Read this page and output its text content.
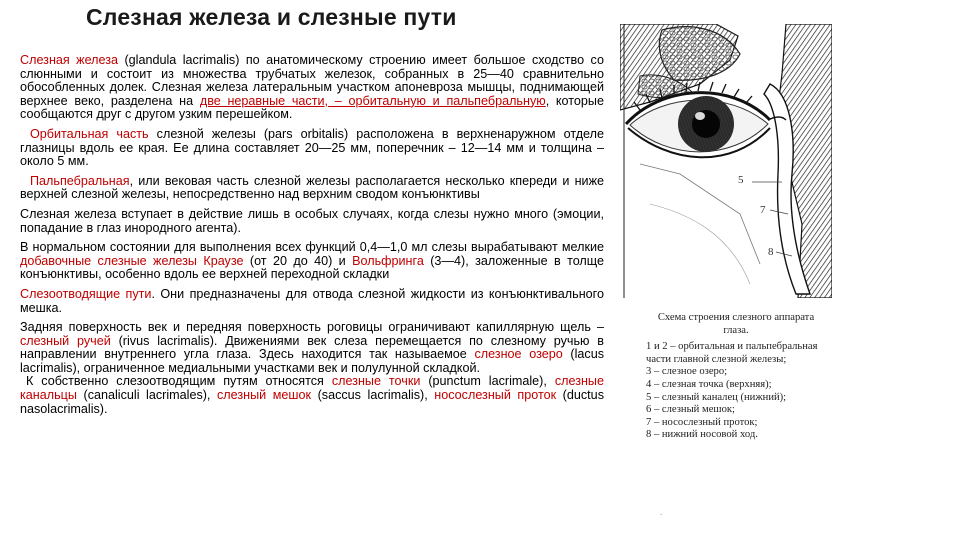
Слезная железа и слезные пути

Слезная железа (glandula lacrimalis) по анатомическому строению имеет большое сходство со слюнными и состоит из множества трубчатых железок, собранных в 25—40 сравнительно обособленных долек. Слезная железа латеральным участком апоневроза мышцы, поднимающей верхнее веко, разделена на две неравные части, – орбитальную и пальпебральную, которые сообщаются друг с другом узким перешейком.

Орбитальная часть слезной железы (pars orbitalis) расположена в верхненаружном отделе глазницы вдоль ее края. Ее длина составляет 20—25 мм, поперечник – 12—14 мм и толщина – около 5 мм.

Пальпебральная, или вековая часть слезной железы располагается несколько кпереди и ниже верхней слезной железы, непосредственно над верхним сводом конъюнктивы

Слезная железа вступает в действие лишь в особых случаях, когда слезы нужно много (эмоции, попадание в глаз инородного агента).

В нормальном состоянии для выполнения всех функций 0,4—1,0 мл слезы вырабатывают мелкие добавочные слезные железы Краузе (от 20 до 40) и Вольфринга (3—4), заложенные в толще конъюнктивы, особенно вдоль ее верхней переходной складки

Слезоотводящие пути. Они предназначены для отвода слезной жидкости из конъюнктивального мешка.

Задняя поверхность век и передняя поверхность роговицы ограничивают капиллярную щель – слезный ручей (rivus lacrimalis). Движениями век слеза перемещается по слезному ручью в направлении внутреннего угла глаза. Здесь находится так называемое слезное озеро (lacus lacrimalis), ограниченное медиальными участками век и полулунной складкой.

К собственно слезоотводящим путям относятся слезные точки (punctum lacrimale), слезные канальцы (canaliculi lacrimales), слезный мешок (saccus lacrimalis), носослезный проток (ductus nasolacrimalis).

5
7
8
Схема строения слезного аппарата глаза.

1 и 2 – орбитальная и пальпебральная части главной слезной железы;

3 – слезное озеро;

4 – слезная точка (верхняя);

5 – слезный каналец (нижний);

6 – слезный мешок;

7 – носослезный проток;

8 – нижний носовой ход.

.
